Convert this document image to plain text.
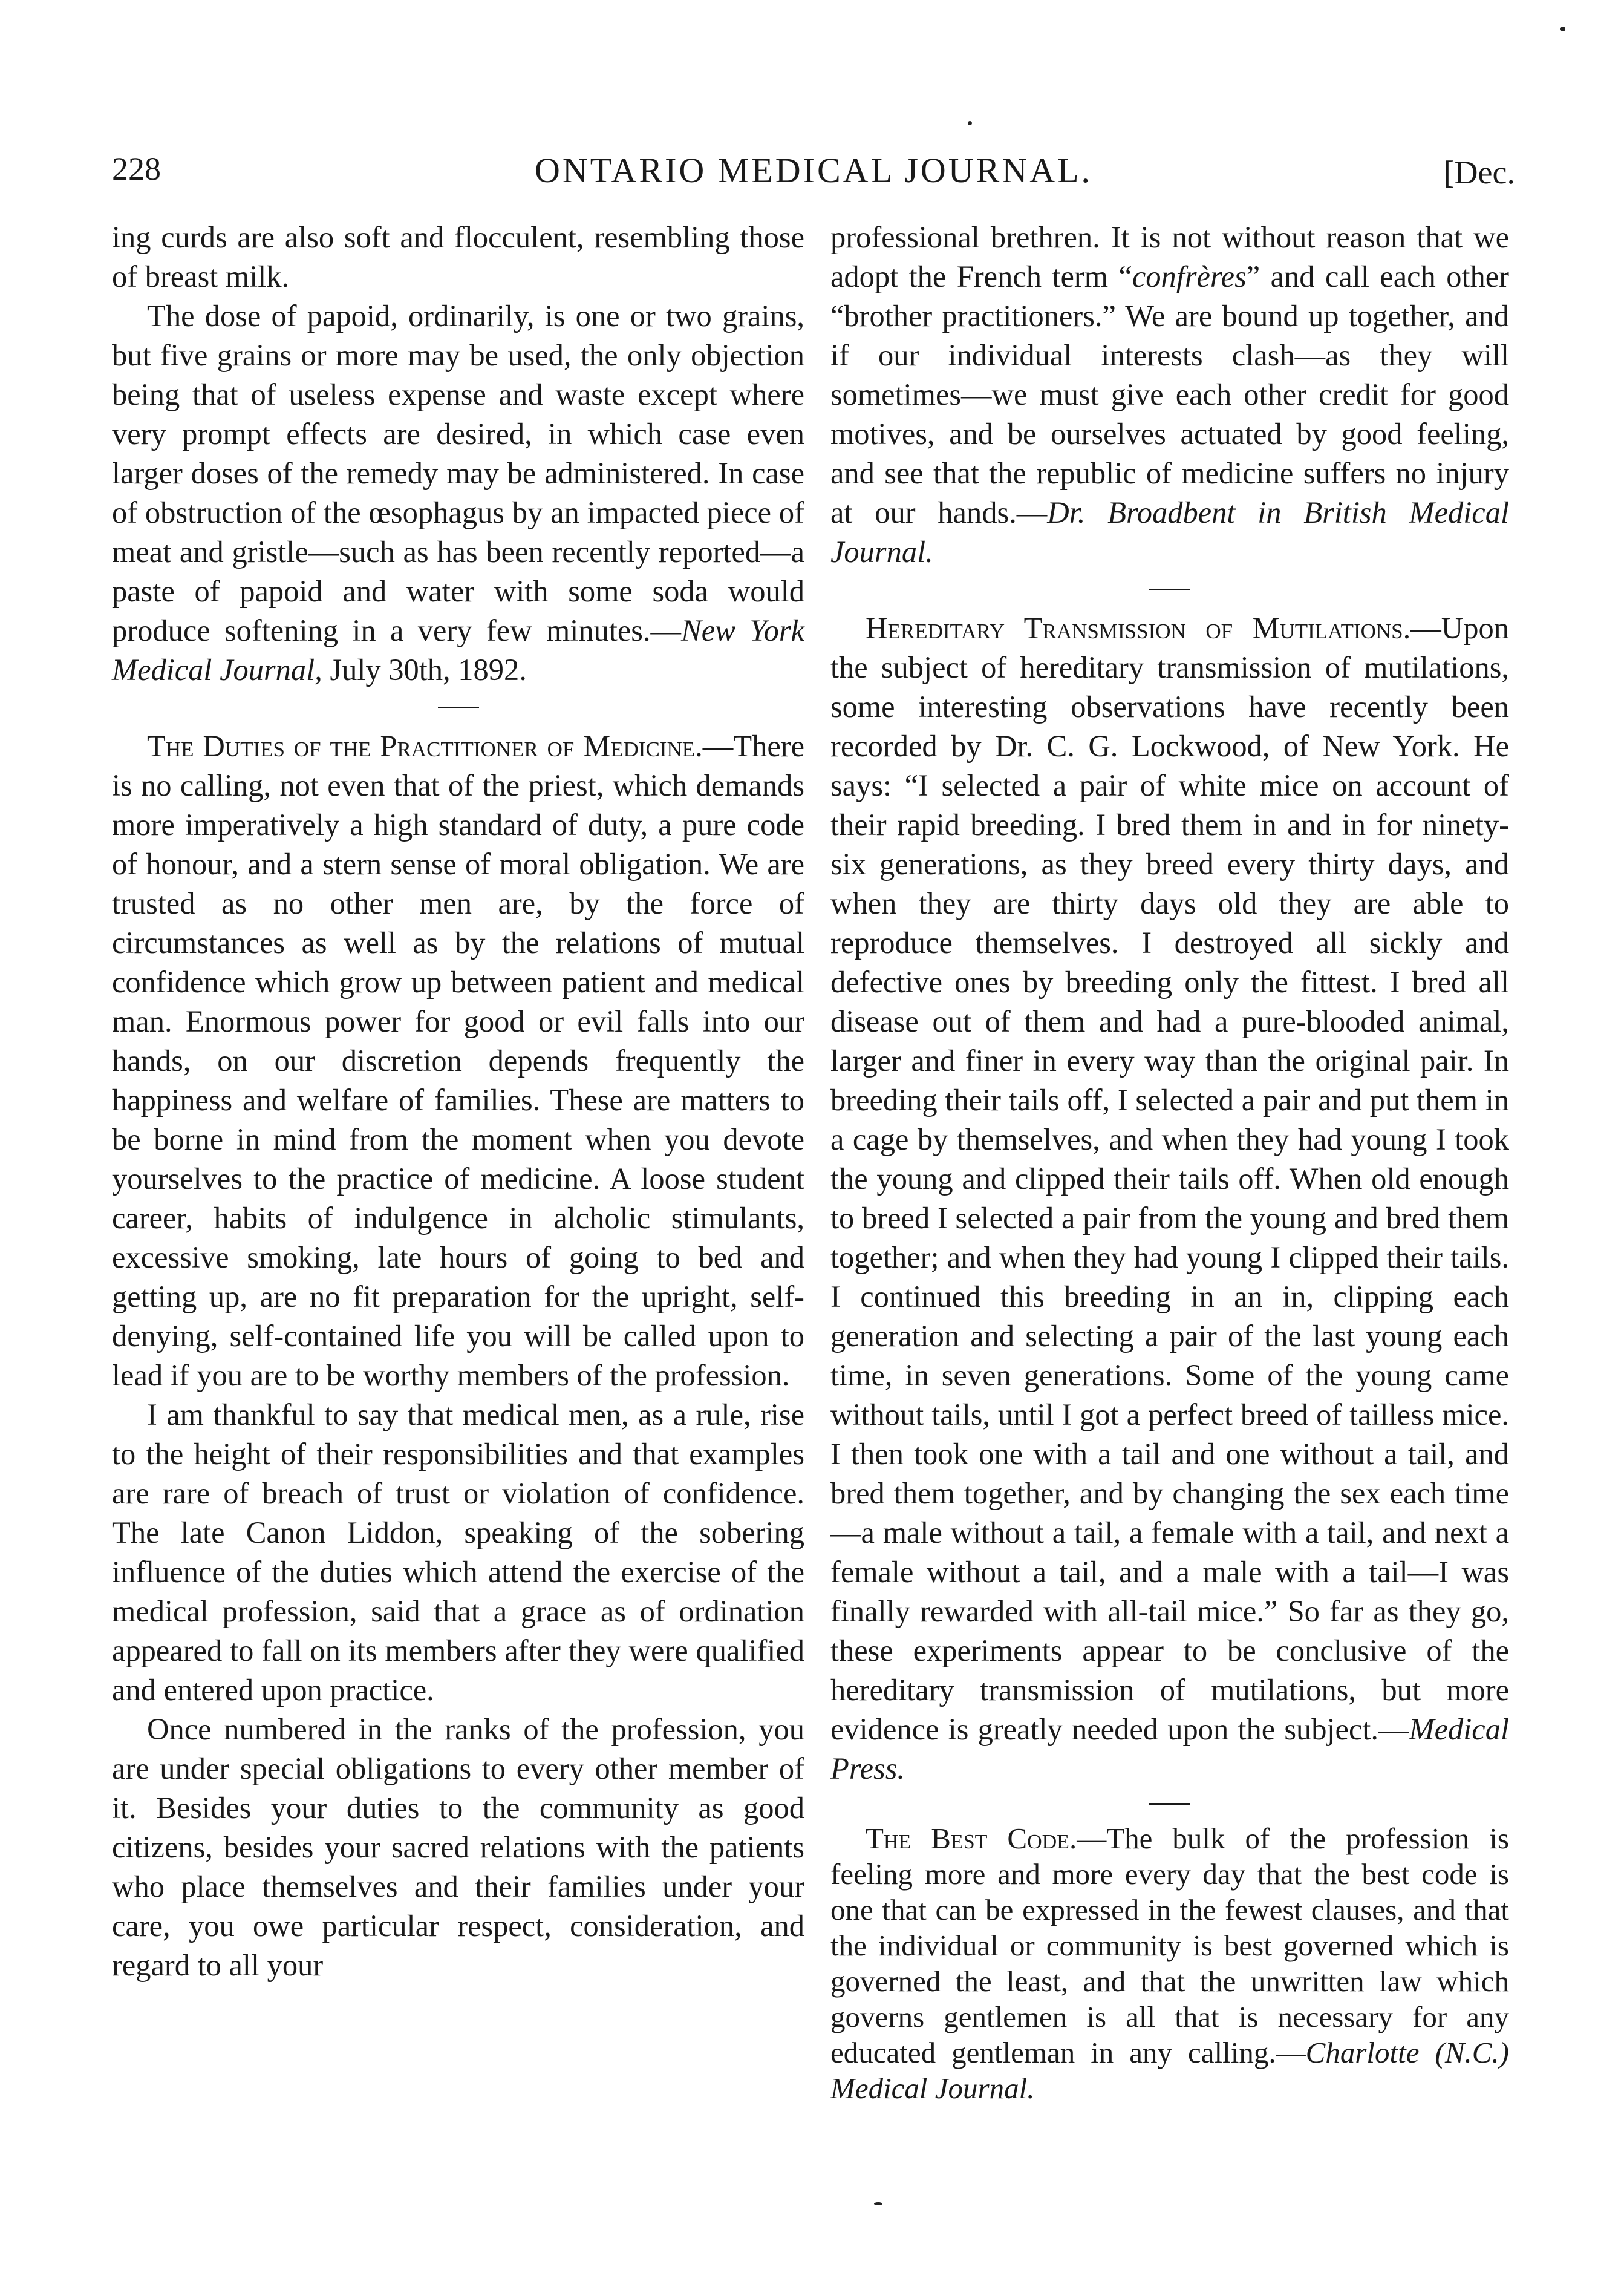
228	ONTARIO MEDICAL JOURNAL.	[Dec.

ing curds are also soft and flocculent, resembling those of breast milk.

The dose of papoid, ordinarily, is one or two grains, but five grains or more may be used, the only objection being that of useless expense and waste except where very prompt effects are desired, in which case even larger doses of the remedy may be administered. In case of obstruction of the œsophagus by an impacted piece of meat and gristle—such as has been recently reported—a paste of papoid and water with some soda would produce softening in a very few minutes.—New York Medical Journal, July 30th, 1892.

The Duties of the Practitioner of Medicine.—There is no calling, not even that of the priest, which demands more imperatively a high standard of duty, a pure code of honour, and a stern sense of moral obligation. We are trusted as no other men are, by the force of circumstances as well as by the relations of mutual confidence which grow up between patient and medical man. Enormous power for good or evil falls into our hands, on our discretion depends frequently the happiness and welfare of families. These are matters to be borne in mind from the moment when you devote yourselves to the practice of medicine. A loose student career, habits of indulgence in alcholic stimulants, excessive smoking, late hours of going to bed and getting up, are no fit preparation for the upright, self-denying, self-contained life you will be called upon to lead if you are to be worthy members of the profession.

I am thankful to say that medical men, as a rule, rise to the height of their responsibilities and that examples are rare of breach of trust or violation of confidence. The late Canon Liddon, speaking of the sobering influence of the duties which attend the exercise of the medical profession, said that a grace as of ordination appeared to fall on its members after they were qualified and entered upon practice.

Once numbered in the ranks of the profession, you are under special obligations to every other member of it. Besides your duties to the community as good citizens, besides your sacred relations with the patients who place themselves and their families under your care, you owe particular respect, consideration, and regard to all your

professional brethren. It is not without reason that we adopt the French term “confrères” and call each other “brother practitioners.” We are bound up together, and if our individual interests clash—as they will sometimes—we must give each other credit for good motives, and be ourselves actuated by good feeling, and see that the republic of medicine suffers no injury at our hands.—Dr. Broadbent in British Medical Journal.

Hereditary Transmission of Mutilations.—Upon the subject of hereditary transmission of mutilations, some interesting observations have recently been recorded by Dr. C. G. Lockwood, of New York. He says: “I selected a pair of white mice on account of their rapid breeding. I bred them in and in for ninety-six generations, as they breed every thirty days, and when they are thirty days old they are able to reproduce themselves. I destroyed all sickly and defective ones by breeding only the fittest. I bred all disease out of them and had a pure-blooded animal, larger and finer in every way than the original pair. In breeding their tails off, I selected a pair and put them in a cage by themselves, and when they had young I took the young and clipped their tails off. When old enough to breed I selected a pair from the young and bred them together; and when they had young I clipped their tails. I continued this breeding in an in, clipping each generation and selecting a pair of the last young each time, in seven generations. Some of the young came without tails, until I got a perfect breed of tailless mice. I then took one with a tail and one without a tail, and bred them together, and by changing the sex each time—a male without a tail, a female with a tail, and next a female without a tail, and a male with a tail—I was finally rewarded with all-tail mice.” So far as they go, these experiments appear to be conclusive of the hereditary transmission of mutilations, but more evidence is greatly needed upon the subject.—Medical Press.

The Best Code.—The bulk of the profession is feeling more and more every day that the best code is one that can be expressed in the fewest clauses, and that the individual or community is best governed which is governed the least, and that the unwritten law which governs gentlemen is all that is necessary for any educated gentleman in any calling.—Charlotte (N.C.) Medical Journal.
